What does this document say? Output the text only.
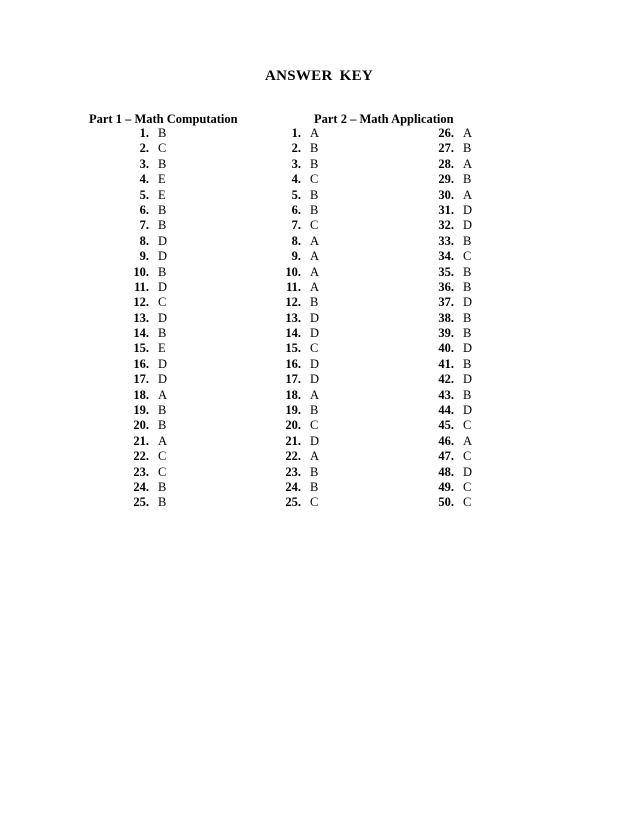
ANSWER KEY
Part 1 – Math Computation	Part 2 – Math Application
1. B
2. C
3. B
4. E
5. E
6. B
7. B
8. D
9. D
10. B
11. D
12. C
13. D
14. B
15. E
16. D
17. D
18. A
19. B
20. B
21. A
22. C
23. C
24. B
25. B
1. A
2. B
3. B
4. C
5. B
6. B
7. C
8. A
9. A
10. A
11. A
12. B
13. D
14. D
15. C
16. D
17. D
18. A
19. B
20. C
21. D
22. A
23. B
24. B
25. C
26. A
27. B
28. A
29. B
30. A
31. D
32. D
33. B
34. C
35. B
36. B
37. D
38. B
39. B
40. D
41. B
42. D
43. B
44. D
45. C
46. A
47. C
48. D
49. C
50. C
